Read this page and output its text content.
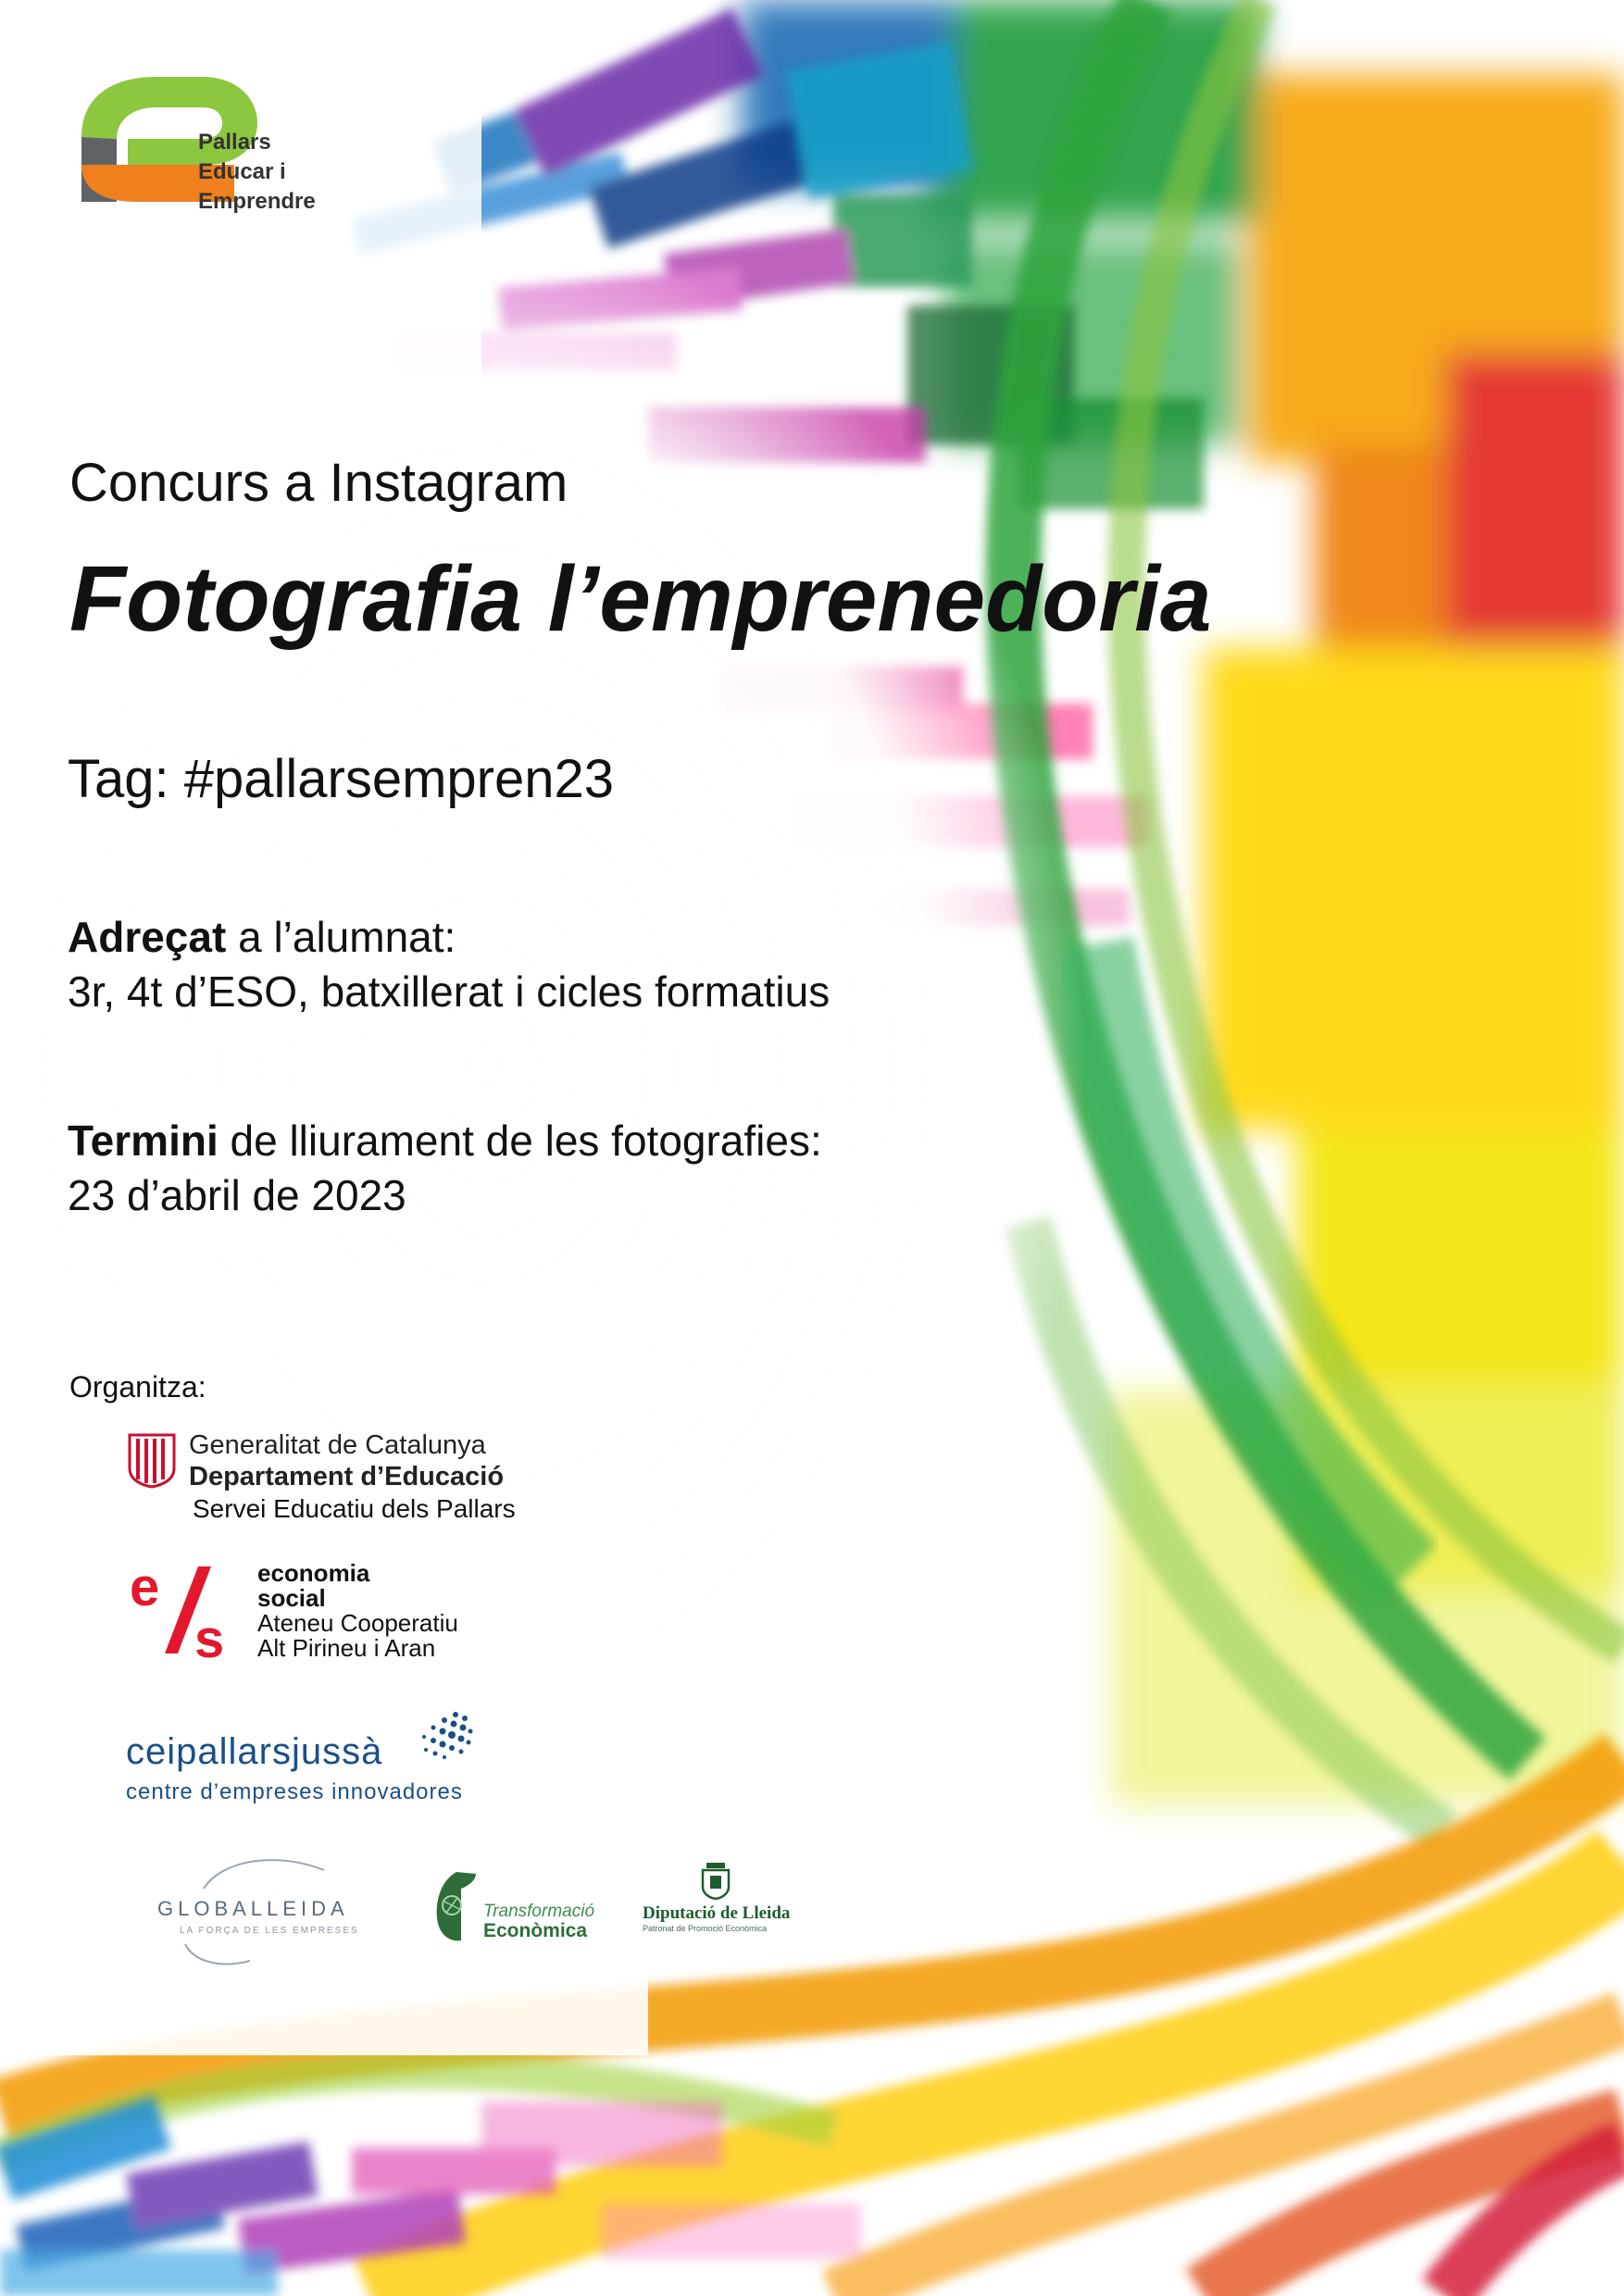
Pallars
Educar i
Emprendre
Concurs a Instagram
Fotografia l’emprenedoria
Tag: #pallarsempren23
Adreçat a l’alumnat:
3r, 4t d’ESO, batxillerat i cicles formatius
Termini de lliurament de les fotografies:
23 d’abril de 2023
Organitza:
Generalitat de Catalunya
Departament d’Educació
Servei Educatiu dels Pallars
e
s
economia
social
Ateneu Cooperatiu
Alt Pirineu i Aran
ceipallarsjussà
centre d’empreses innovadores
GLOBALLEIDA
LA FORÇA DE LES EMPRESES
Transformació
Econòmica
Diputació de Lleida
Patronat de Promoció Econòmica
